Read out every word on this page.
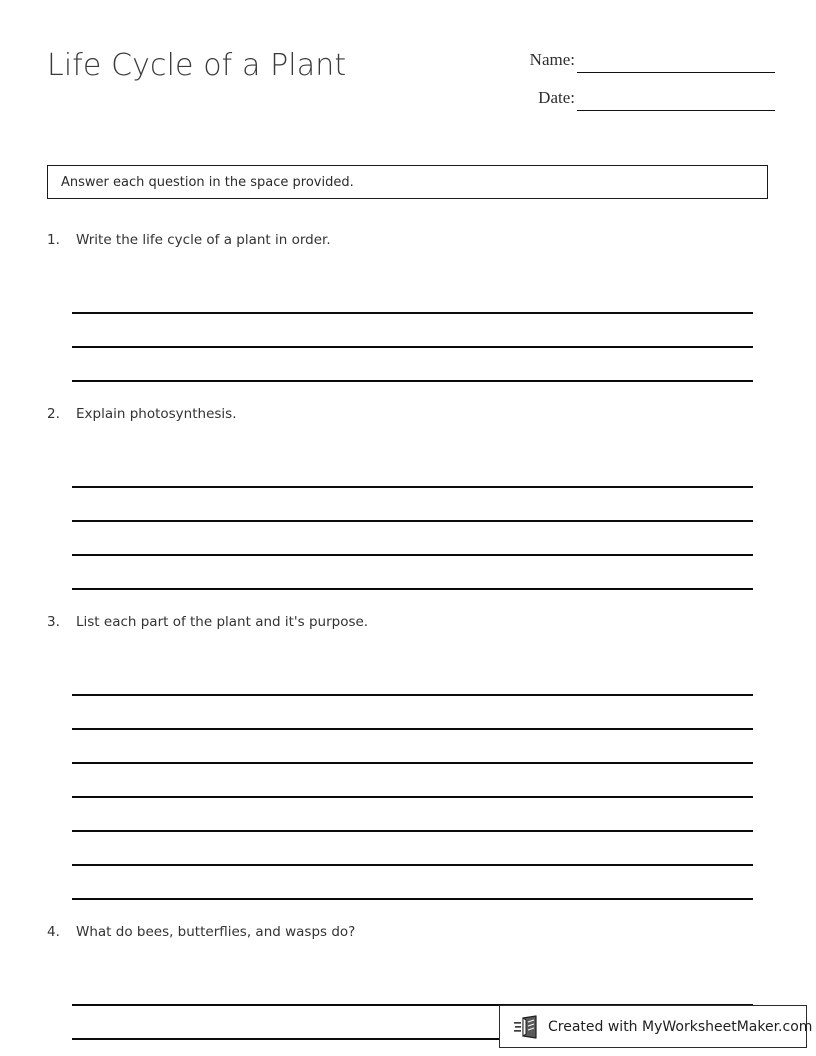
Life Cycle of a Plant	Name:
Date:
Answer each question in the space provided.
1. Write the life cycle of a plant in order.
2. Explain photosynthesis.
3. List each part of the plant and it's purpose.
4. What do bees, butterflies, and wasps do?
Created with MyWorksheetMaker.com
